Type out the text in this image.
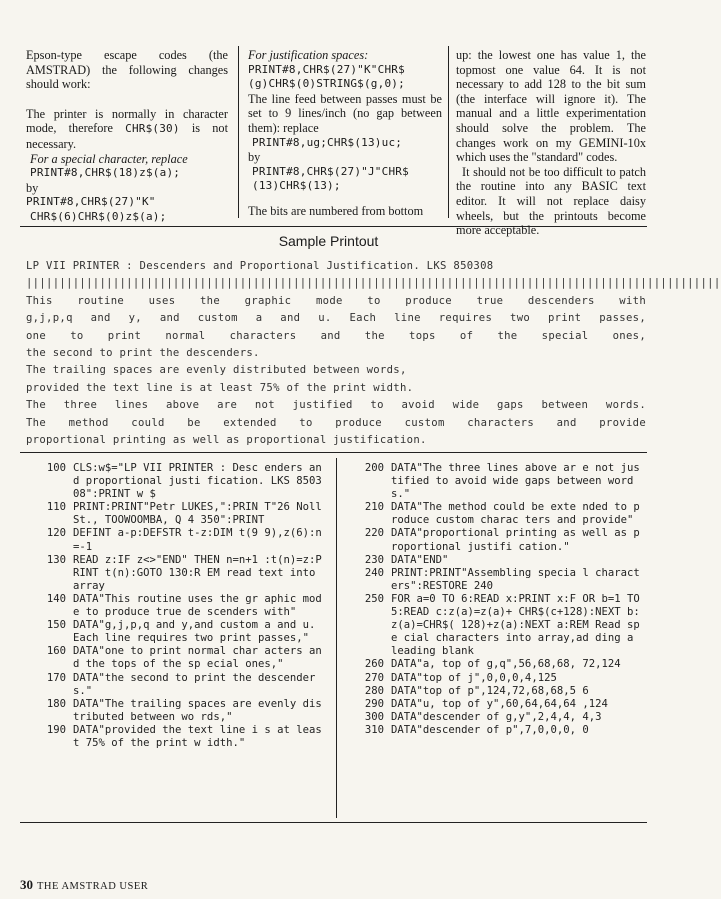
Epson-type escape codes (the AMSTRAD) the following changes should work:

The printer is normally in character mode, therefore CHR$(30) is not necessary.

For a special character, replace

PRINT#8,CHR$(18)z$(a);

by

PRINT#8,CHR$(27)"K"

CHR$(6)CHR$(0)z$(a);

For justification spaces:

PRINT#8,CHR$(27)"K"CHR$

(g)CHR$(0)STRING$(g,0);

The line feed between passes must be set to 9 lines/inch (no gap between them): replace

PRINT#8,ug;CHR$(13)uc;

by

PRINT#8,CHR$(27)"J"CHR$

(13)CHR$(13);

The bits are numbered from bottom

up: the lowest one has value 1, the topmost one value 64. It is not necessary to add 128 to the bit sum (the interface will ignore it). The manual and a little experimentation should solve the problem. The changes work on my GEMINI-10x which uses the "standard" codes.

It should not be too difficult to patch the routine into any BASIC text editor. It will not replace daisy wheels, but the printouts become more acceptable.

Sample Printout
LP VII PRINTER : Descenders and Proportional Justification. LKS 850308
||||||||||||||||||||||||||||||||||||||||||||||||||||||||||||||||||||||||||||||||||||||||||||||||||||||||
This routine uses the graphic mode to produce true descenders with
g,j,p,q and y, and custom a and u. Each line requires two print passes,
one to print normal characters and the tops of the special ones,
the second to print the descenders.
The trailing spaces are evenly distributed between words,
provided the text line is at least 75% of the print width.
The three lines above are not justified to avoid wide gaps between words.
The method could be extended to produce custom characters and provide
proportional printing as well as proportional justification.
100 CLS:w$="LP VII PRINTER : Desc enders and proportional justi fication. LKS 850308":PRINT w $
110 PRINT:PRINT"Petr LUKES,":PRIN T"26 Noll St., TOOWOOMBA, Q 4 350":PRINT
120 DEFINT a-p:DEFSTR t-z:DIM t(9 9),z(6):n=-1
130 READ z:IF z<>"END" THEN n=n+1 :t(n)=z:PRINT t(n):GOTO 130:R EM read text into array
140 DATA"This routine uses the gr aphic mode to produce true de scenders with"
150 DATA"g,j,p,q and y,and custom a and u. Each line requires two print passes,"
160 DATA"one to print normal char acters and the tops of the sp ecial ones,"
170 DATA"the second to print the descenders."
180 DATA"The trailing spaces are evenly distributed between wo rds,"
190 DATA"provided the text line i s at least 75% of the print w idth."
200 DATA"The three lines above ar e not justified to avoid wide gaps between words."
210 DATA"The method could be exte nded to produce custom charac ters and provide"
220 DATA"proportional printing as well as proportional justifi cation."
230 DATA"END"
240 PRINT:PRINT"Assembling specia l characters":RESTORE 240
250 FOR a=0 TO 6:READ x:PRINT x:F OR b=1 TO 5:READ c:z(a)=z(a)+ CHR$(c+128):NEXT b:z(a)=CHR$( 128)+z(a):NEXT a:REM Read spe cial characters into array,ad ding a leading blank
260 DATA"a, top of g,q",56,68,68, 72,124
270 DATA"top of j",0,0,0,4,125
280 DATA"top of p",124,72,68,68,5 6
290 DATA"u, top of y",60,64,64,64 ,124
300 DATA"descender of g,y",2,4,4, 4,3
310 DATA"descender of p",7,0,0,0, 0
30 THE AMSTRAD USER
